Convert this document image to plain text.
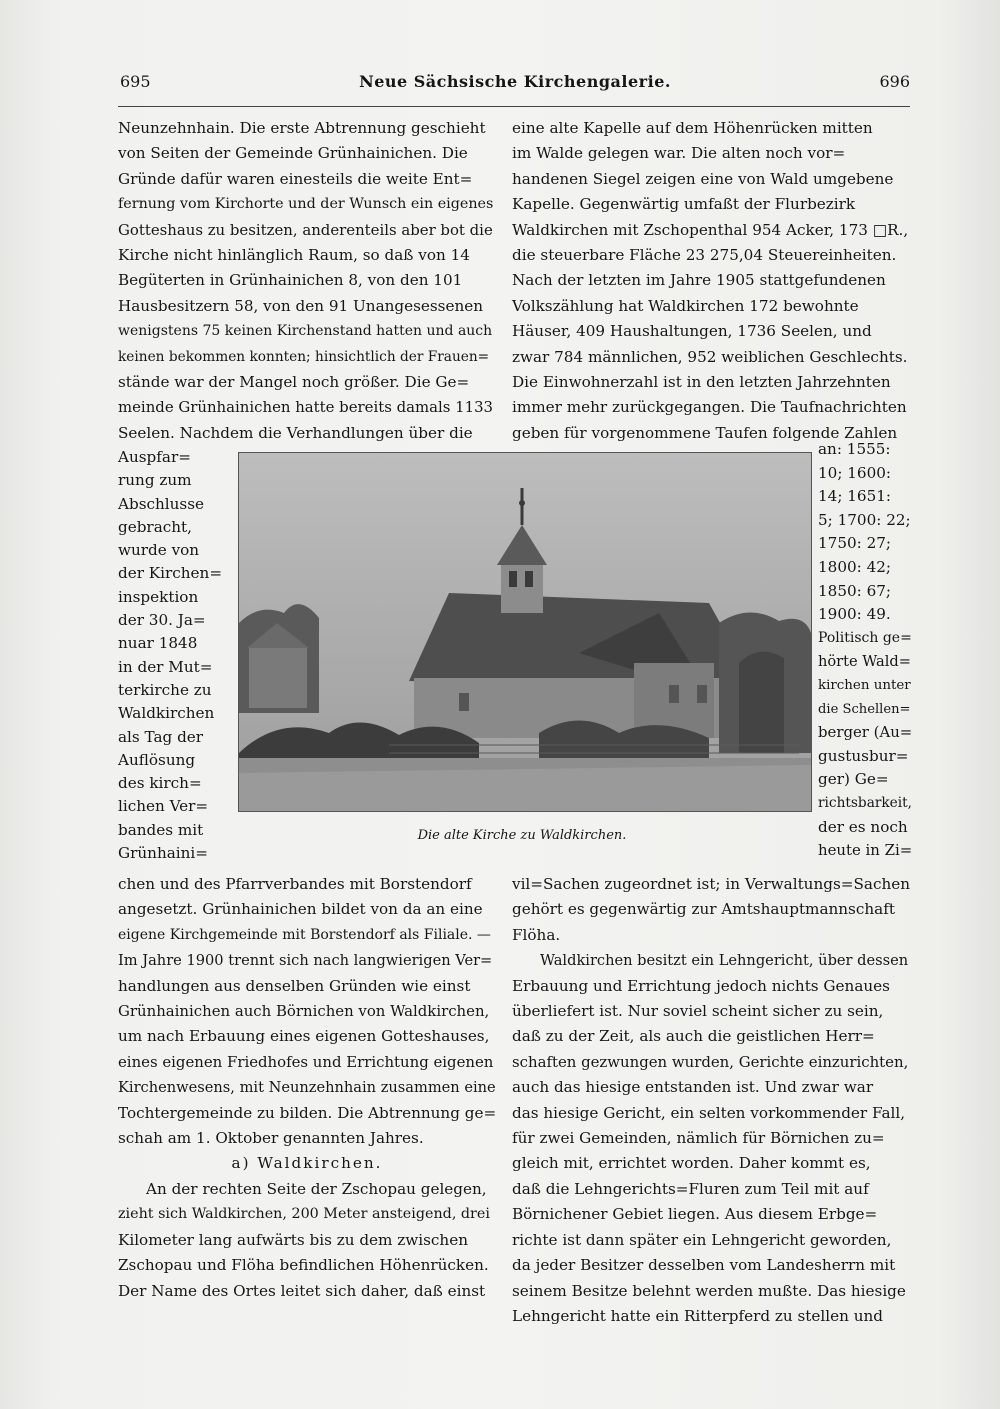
695	Neue Sächsische Kirchengalerie.	696
Neunzehnhain. Die erste Abtrennung geschieht
von Seiten der Gemeinde Grünhainichen. Die
Gründe dafür waren einesteils die weite Ent=
fernung vom Kirchorte und der Wunsch ein eigenes
Gotteshaus zu besitzen, anderenteils aber bot die
Kirche nicht hinlänglich Raum, so daß von 14
Begüterten in Grünhainichen 8, von den 101
Hausbesitzern 58, von den 91 Unangesessenen
wenigstens 75 keinen Kirchenstand hatten und auch
keinen bekommen konnten; hinsichtlich der Frauen=
stände war der Mangel noch größer. Die Ge=
meinde Grünhainichen hatte bereits damals 1133
Seelen. Nachdem die Verhandlungen über die
Auspfar=
rung zum
Abschlusse
gebracht,
wurde von
der Kirchen=
inspektion
der 30. Ja=
nuar 1848
in der Mut=
terkirche zu
Waldkirchen
als Tag der
Auflösung
des kirch=
lichen Ver=
bandes mit
Grünhaini=
Die alte Kirche zu Waldkirchen.
chen und des Pfarrverbandes mit Borstendorf
angesetzt. Grünhainichen bildet von da an eine
eigene Kirchgemeinde mit Borstendorf als Filiale. —
Im Jahre 1900 trennt sich nach langwierigen Ver=
handlungen aus denselben Gründen wie einst
Grünhainichen auch Börnichen von Waldkirchen,
um nach Erbauung eines eigenen Gotteshauses,
eines eigenen Friedhofes und Errichtung eigenen
Kirchenwesens, mit Neunzehnhain zusammen eine
Tochtergemeinde zu bilden. Die Abtrennung ge=
schah am 1. Oktober genannten Jahres.
a) Waldkirchen.
An der rechten Seite der Zschopau gelegen,
zieht sich Waldkirchen, 200 Meter ansteigend, drei
Kilometer lang aufwärts bis zu dem zwischen
Zschopau und Flöha befindlichen Höhenrücken.
Der Name des Ortes leitet sich daher, daß einst
eine alte Kapelle auf dem Höhenrücken mitten
im Walde gelegen war. Die alten noch vor=
handenen Siegel zeigen eine von Wald umgebene
Kapelle. Gegenwärtig umfaßt der Flurbezirk
Waldkirchen mit Zschopenthal 954 Acker, 173 □R.,
die steuerbare Fläche 23 275,04 Steuereinheiten.
Nach der letzten im Jahre 1905 stattgefundenen
Volkszählung hat Waldkirchen 172 bewohnte
Häuser, 409 Haushaltungen, 1736 Seelen, und
zwar 784 männlichen, 952 weiblichen Geschlechts.
Die Einwohnerzahl ist in den letzten Jahrzehnten
immer mehr zurückgegangen. Die Taufnachrichten
geben für vorgenommene Taufen folgende Zahlen
an: 1555:
10; 1600:
14; 1651:
5; 1700: 22;
1750: 27;
1800: 42;
1850: 67;
1900: 49.
Politisch ge=
hörte Wald=
kirchen unter
die Schellen=
berger (Au=
gustusbur=
ger) Ge=
richtsbarkeit,
der es noch
heute in Zi=
vil=Sachen zugeordnet ist; in Verwaltungs=Sachen
gehört es gegenwärtig zur Amtshauptmannschaft
Flöha.
Waldkirchen besitzt ein Lehngericht, über dessen
Erbauung und Errichtung jedoch nichts Genaues
überliefert ist. Nur soviel scheint sicher zu sein,
daß zu der Zeit, als auch die geistlichen Herr=
schaften gezwungen wurden, Gerichte einzurichten,
auch das hiesige entstanden ist. Und zwar war
das hiesige Gericht, ein selten vorkommender Fall,
für zwei Gemeinden, nämlich für Börnichen zu=
gleich mit, errichtet worden. Daher kommt es,
daß die Lehngerichts=Fluren zum Teil mit auf
Börnichener Gebiet liegen. Aus diesem Erbge=
richte ist dann später ein Lehngericht geworden,
da jeder Besitzer desselben vom Landesherrn mit
seinem Besitze belehnt werden mußte. Das hiesige
Lehngericht hatte ein Ritterpferd zu stellen und
